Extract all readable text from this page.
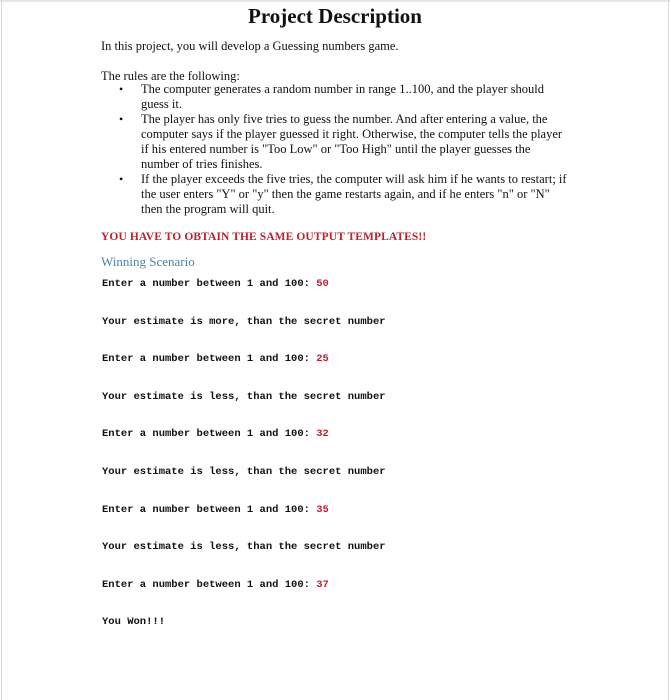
Project Description
In this project, you will develop a Guessing numbers game.
The rules are the following:
• The computer generates a random number in range 1..100, and the player should guess it.
• The player has only five tries to guess the number. And after entering a value, the computer says if the player guessed it right. Otherwise, the computer tells the player if his entered number is "Too Low" or "Too High" until the player guesses the number of tries finishes.
• If the player exceeds the five tries, the computer will ask him if he wants to restart; if the user enters "Y" or "y" then the game restarts again, and if he enters "n" or "N" then the program will quit.
YOU HAVE TO OBTAIN THE SAME OUTPUT TEMPLATES!!
Winning Scenario
Enter a number between 1 and 100: 50
Your estimate is more, than the secret number
Enter a number between 1 and 100: 25
Your estimate is less, than the secret number
Enter a number between 1 and 100: 32
Your estimate is less, than the secret number
Enter a number between 1 and 100: 35
Your estimate is less, than the secret number
Enter a number between 1 and 100: 37
You Won!!!
